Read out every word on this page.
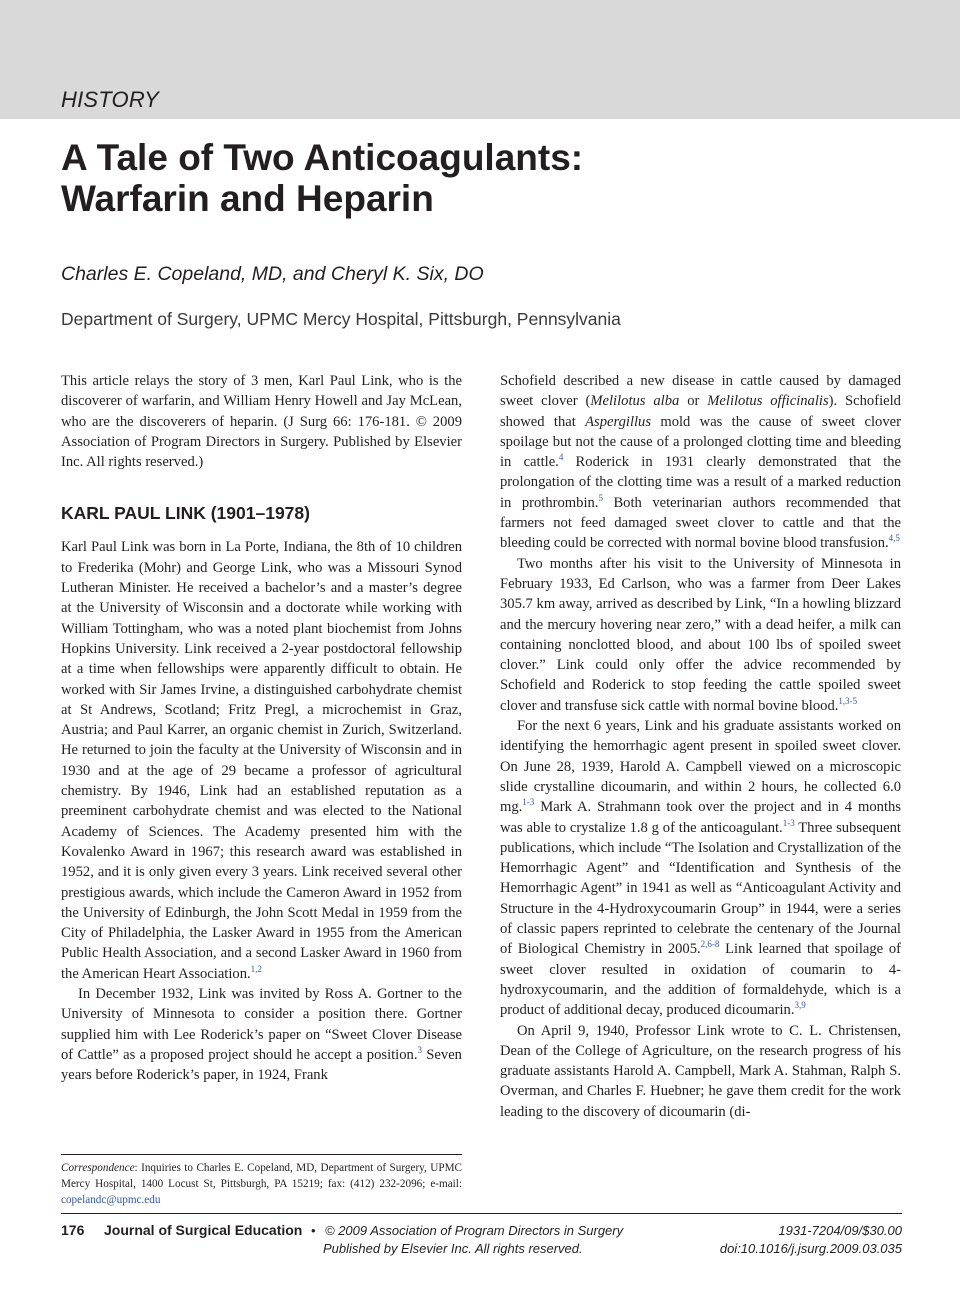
HISTORY
A Tale of Two Anticoagulants:
Warfarin and Heparin
Charles E. Copeland, MD, and Cheryl K. Six, DO
Department of Surgery, UPMC Mercy Hospital, Pittsburgh, Pennsylvania

This article relays the story of 3 men, Karl Paul Link, who is the discoverer of warfarin, and William Henry Howell and Jay McLean, who are the discoverers of heparin. (J Surg 66: 176-181. © 2009 Association of Program Directors in Surgery. Published by Elsevier Inc. All rights reserved.)

KARL PAUL LINK (1901–1978)

Karl Paul Link was born in La Porte, Indiana, the 8th of 10 children to Frederika (Mohr) and George Link, who was a Missouri Synod Lutheran Minister. He received a bachelor’s and a master’s degree at the University of Wisconsin and a doctorate while working with William Tottingham, who was a noted plant biochemist from Johns Hopkins University. Link received a 2-year postdoctoral fellowship at a time when fellowships were apparently difficult to obtain. He worked with Sir James Irvine, a distinguished carbohydrate chemist at St Andrews, Scotland; Fritz Pregl, a microchemist in Graz, Austria; and Paul Karrer, an organic chemist in Zurich, Switzerland. He returned to join the faculty at the University of Wisconsin and in 1930 and at the age of 29 became a professor of agricultural chemistry. By 1946, Link had an established reputation as a preeminent carbohydrate chemist and was elected to the National Academy of Sciences. The Academy presented him with the Kovalenko Award in 1967; this research award was established in 1952, and it is only given every 3 years. Link received several other prestigious awards, which include the Cameron Award in 1952 from the University of Edinburgh, the John Scott Medal in 1959 from the City of Philadelphia, the Lasker Award in 1955 from the American Public Health Association, and a second Lasker Award in 1960 from the American Heart Association.$^{1,2}$

In December 1932, Link was invited by Ross A. Gortner to the University of Minnesota to consider a position there. Gortner supplied him with Lee Roderick’s paper on “Sweet Clover Disease of Cattle” as a proposed project should he accept a position.$^3$ Seven years before Roderick’s paper, in 1924, Frank

Schofield described a new disease in cattle caused by damaged sweet clover (Melilotus alba or Melilotus officinalis). Schofield showed that Aspergillus mold was the cause of sweet clover spoilage but not the cause of a prolonged clotting time and bleeding in cattle.$^4$ Roderick in 1931 clearly demonstrated that the prolongation of the clotting time was a result of a marked reduction in prothrombin.$^5$ Both veterinarian authors recommended that farmers not feed damaged sweet clover to cattle and that the bleeding could be corrected with normal bovine blood transfusion.$^{4,5}$

Two months after his visit to the University of Minnesota in February 1933, Ed Carlson, who was a farmer from Deer Lakes 305.7 km away, arrived as described by Link, “In a howling blizzard and the mercury hovering near zero,” with a dead heifer, a milk can containing nonclotted blood, and about 100 lbs of spoiled sweet clover.” Link could only offer the advice recommended by Schofield and Roderick to stop feeding the cattle spoiled sweet clover and transfuse sick cattle with normal bovine blood.$^{1,3-5}$

For the next 6 years, Link and his graduate assistants worked on identifying the hemorrhagic agent present in spoiled sweet clover. On June 28, 1939, Harold A. Campbell viewed on a microscopic slide crystalline dicoumarin, and within 2 hours, he collected 6.0 mg.$^{1-3}$ Mark A. Strahmann took over the project and in 4 months was able to crystalize 1.8 g of the anticoagulant.$^{1-3}$ Three subsequent publications, which include “The Isolation and Crystallization of the Hemorrhagic Agent” and “Identification and Synthesis of the Hemorrhagic Agent” in 1941 as well as “Anticoagulant Activity and Structure in the 4-Hydroxycoumarin Group” in 1944, were a series of classic papers reprinted to celebrate the centenary of the Journal of Biological Chemistry in 2005.$^{2,6-8}$ Link learned that spoilage of sweet clover resulted in oxidation of coumarin to 4-hydroxycoumarin, and the addition of formaldehyde, which is a product of additional decay, produced dicoumarin.$^{3,9}$

On April 9, 1940, Professor Link wrote to C. L. Christensen, Dean of the College of Agriculture, on the research progress of his graduate assistants Harold A. Campbell, Mark A. Stahman, Ralph S. Overman, and Charles F. Huebner; he gave them credit for the work leading to the discovery of dicoumarin (di-

Correspondence: Inquiries to Charles E. Copeland, MD, Department of Surgery, UPMC Mercy Hospital, 1400 Locust St, Pittsburgh, PA 15219; fax: (412) 232-2096; e-mail: copelandc@upmc.edu
176 Journal of Surgical Education • © 2009 Association of Program Directors in Surgery
Published by Elsevier Inc. All rights reserved.
1931-7204/09/$30.00
doi:10.1016/j.jsurg.2009.03.035
